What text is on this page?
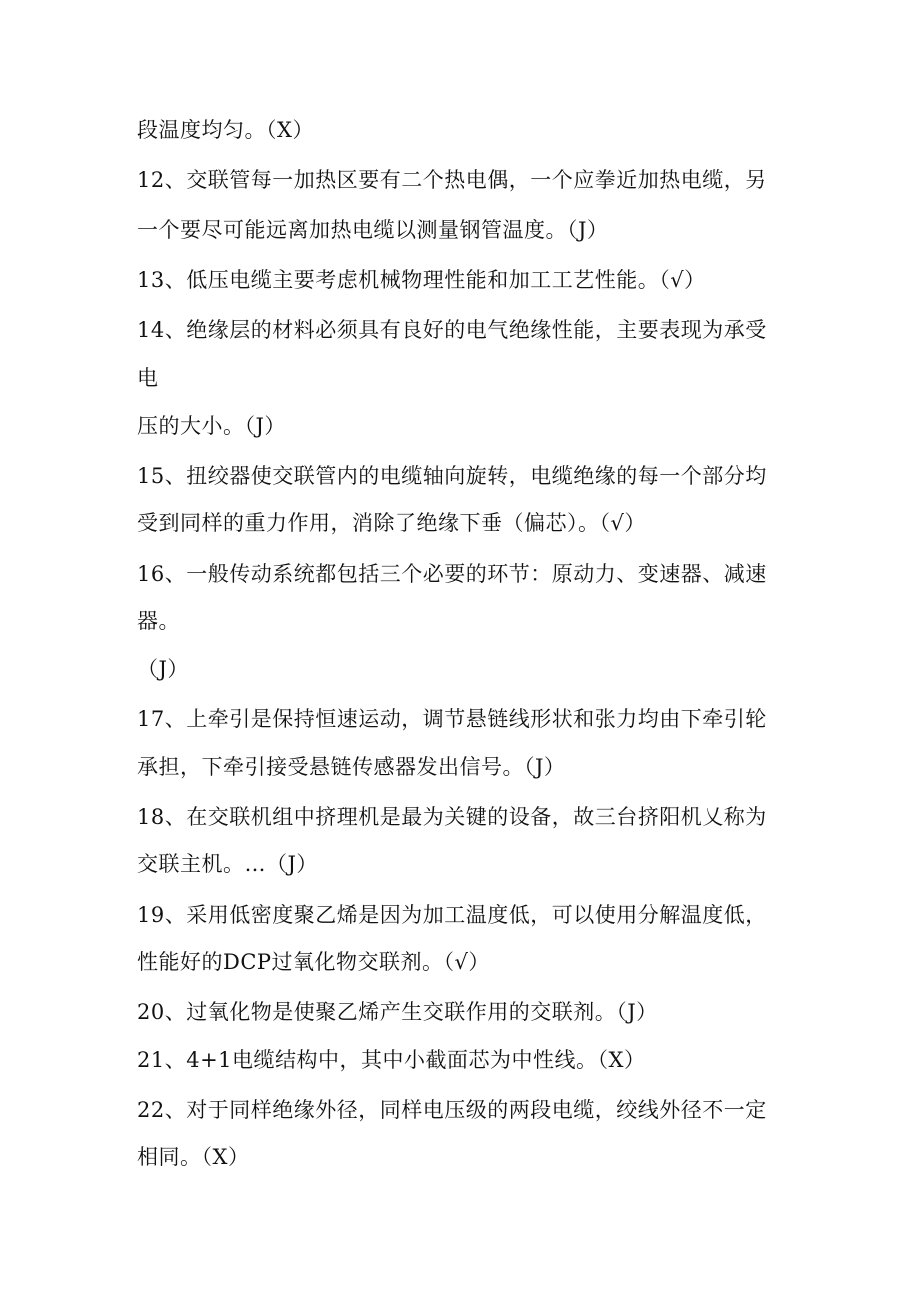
段温度均匀。（X）
12、交联管每一加热区要有二个热电偶，一个应拳近加热电缆，另
一个要尽可能远离加热电缆以测量钢管温度。（J）
13、低压电缆主要考虑机械物理性能和加工工艺性能。（√）
14、绝缘层的材料必须具有良好的电气绝缘性能，主要表现为承受
电
压的大小。（J）
15、扭绞器使交联管内的电缆轴向旋转，电缆绝缘的每一个部分均
受到同样的重力作用，消除了绝缘下垂（偏芯）。（√）
16、一般传动系统都包括三个必要的环节：原动力、变速器、减速
器。
（J）
17、上牵引是保持恒速运动，调节悬链线形状和张力均由下牵引轮
承担，下牵引接受悬链传感器发出信号。（J）
18、在交联机组中挤理机是最为关键的设备，故三台挤阳机乂称为
交联主机。…（J）
19、采用低密度聚乙烯是因为加工温度低，可以使用分解温度低，
性能好的DCP过氧化物交联剂。（√）
20、过氧化物是使聚乙烯产生交联作用的交联剂。（J）
21、4+1电缆结构中，其中小截面芯为中性线。（X）
22、对于同样绝缘外径，同样电压级的两段电缆，绞线外径不一定
相同。（X）
